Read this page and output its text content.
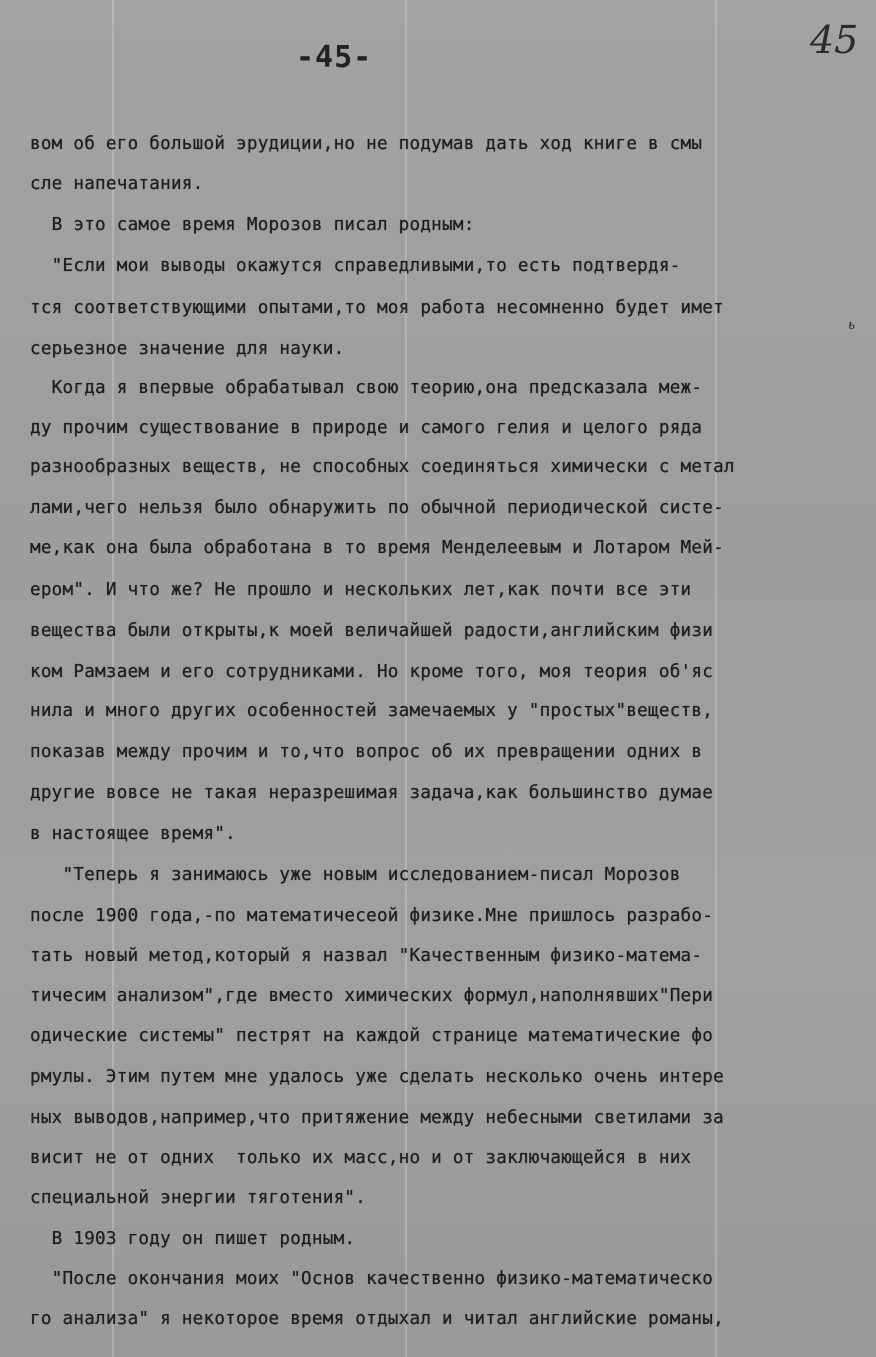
-45-	45
вом об его большой эрудиции,но не подумав дать ход книге в смы
сле напечатания.
В это самое время Морозов писал родным:
"Если мои выводы окажутся справедливыми,то есть подтвердя-
тся соответствующими опытами,то моя работа несомненно будет имет
ь
серьезное значение для науки.
Когда я впервые обрабатывал свою теорию,она предсказала меж-
ду прочим существование в природе и самого гелия и целого ряда
разнообразных веществ, не способных соединяться химически с метал
лами,чего нельзя было обнаружить по обычной периодической систе-
ме,как она была обработана в то время Менделеевым и Лотаром Мей-
ером". И что же? Не прошло и нескольких лет,как почти все эти
вещества были открыты,к моей величайшей радости,английским физи
ком Рамзаем и его сотрудниками. Но кроме того, моя теория об'яс
нила и много других особенностей замечаемых у "простых"веществ,
показав между прочим и то,что вопрос об их превращении одних в
другие вовсе не такая неразрешимая задача,как большинство думае
в настоящее время".
"Теперь я занимаюсь уже новым исследованием-писал Морозов
после 1900 года,-по математичесеой физике.Мне пришлось разрабо-
тать новый метод,который я назвал "Качественным физико-матема-
тичесим анализом",где вместо химических формул,наполнявших"Пери
одические системы" пестрят на каждой странице математические фо
рмулы. Этим путем мне удалось уже сделать несколько очень интере
ных выводов,например,что притяжение между небесными светилами за
висит не от одних  только их масс,но и от заключающейся в них
специальной энергии тяготения".
В 1903 году он пишет родным.
"После окончания моих "Основ качественно физико-математическо
го анализа" я некоторое время отдыхал и читал английские романы,
